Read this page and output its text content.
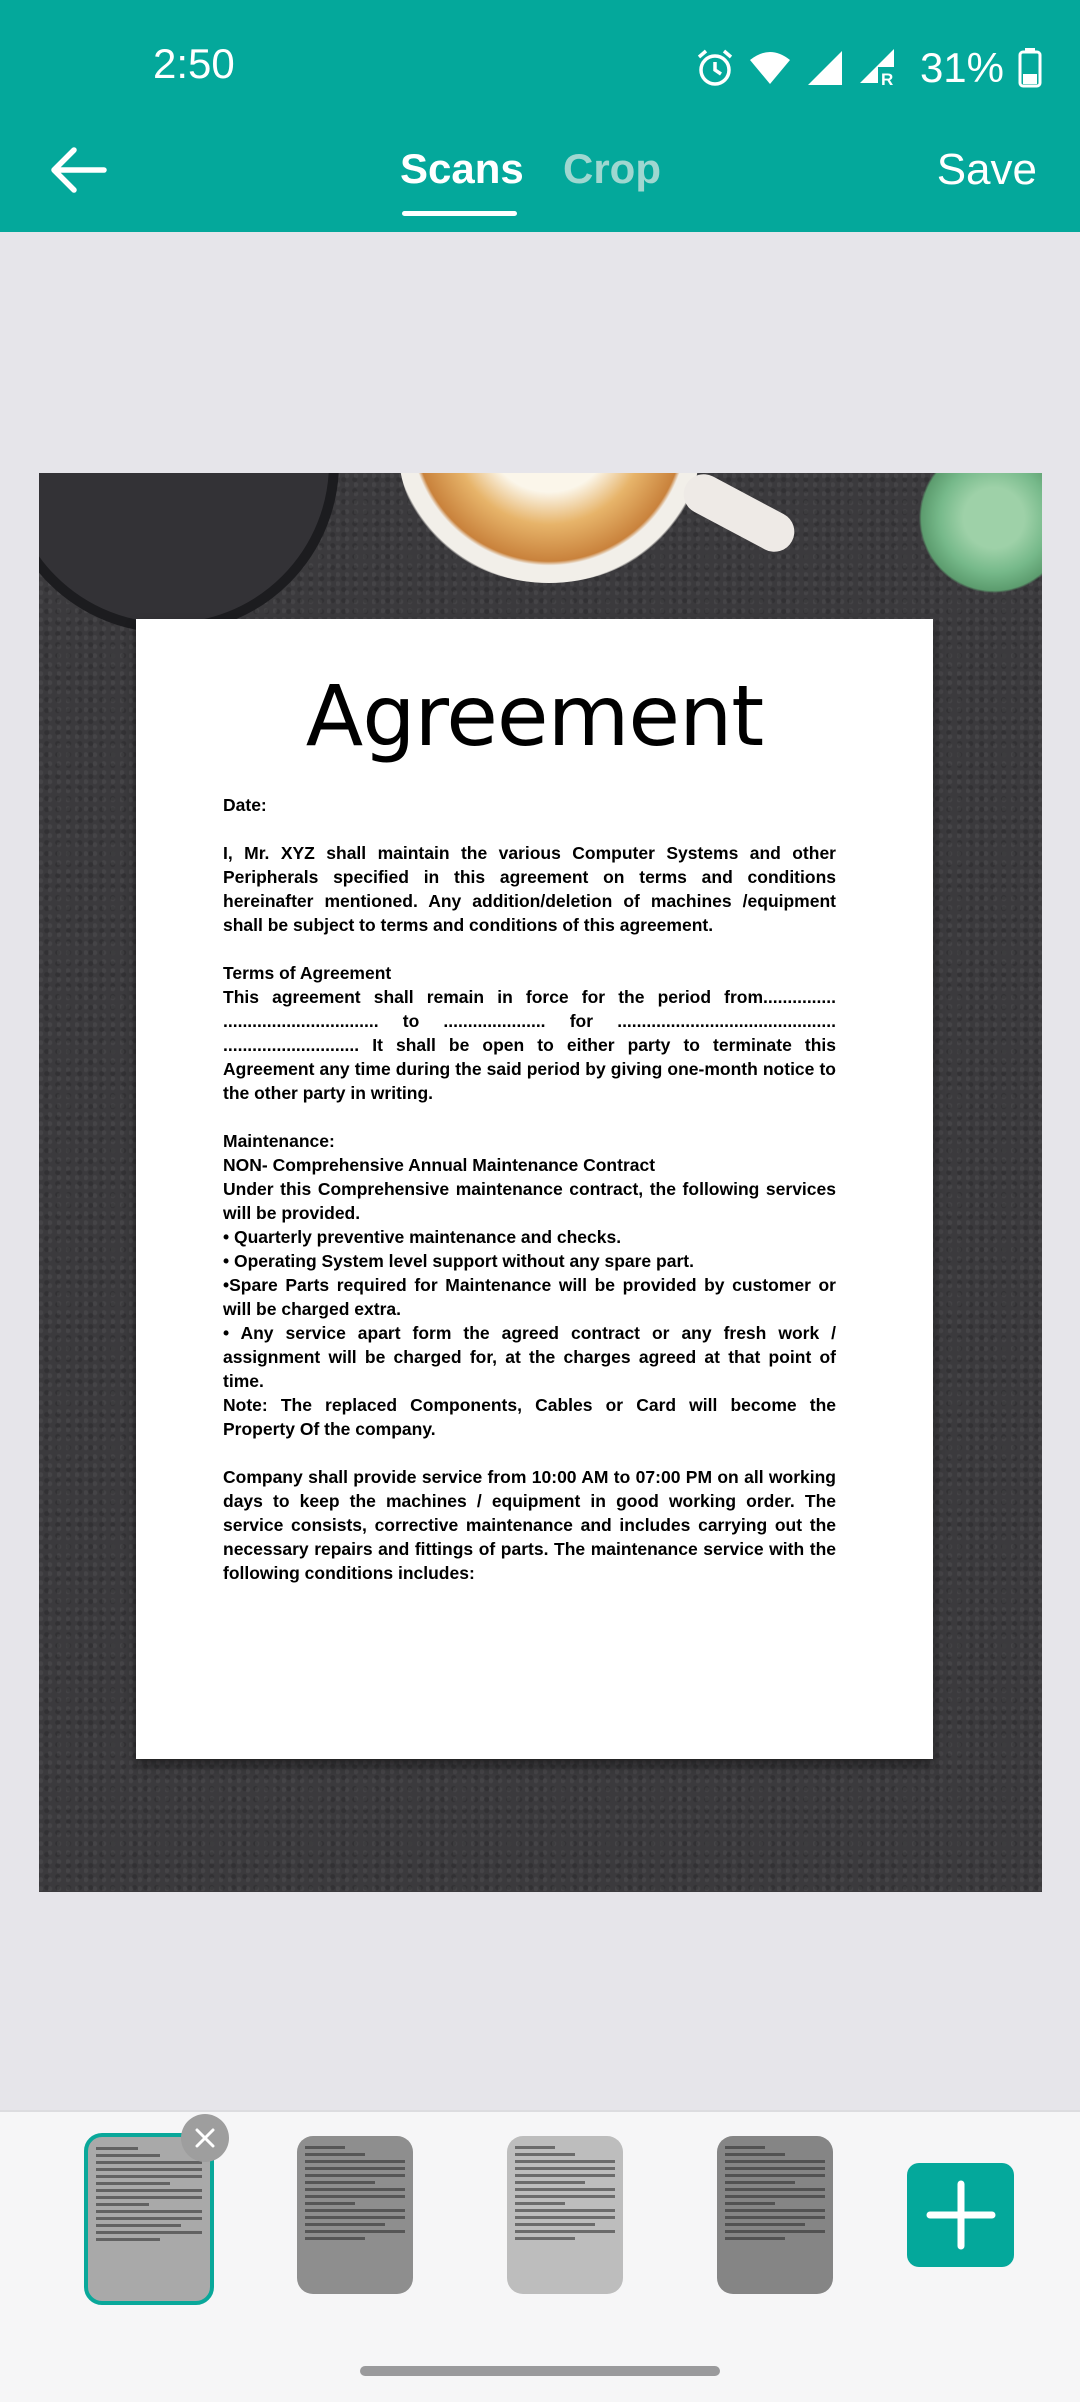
2:50	R 31%
Scans Crop	Save
Agreement

Date:

I, Mr. XYZ shall maintain the various Computer Systems and other Peripherals specified in this agreement on terms and conditions hereinafter mentioned. Any addition/deletion of machines /equipment shall be subject to terms and conditions of this agreement.

Terms of Agreement

This agreement shall remain in force for the period from............... ................................ to ..................... for ............................................. ............................ It shall be open to either party to terminate this Agreement any time during the said period by giving one-month notice to the other party in writing.

Maintenance:

NON- Comprehensive Annual Maintenance Contract

Under this Comprehensive maintenance contract, the following services will be provided.

• Quarterly preventive maintenance and checks.

• Operating System level support without any spare part.

•Spare Parts required for Maintenance will be provided by customer or will be charged extra.

• Any service apart form the agreed contract or any fresh work / assignment will be charged for, at the charges agreed at that point of time.

Note: The replaced Components, Cables or Card will become the Property Of the company.

Company shall provide service from 10:00 AM to 07:00 PM on all working days to keep the machines / equipment in good working order. The service consists, corrective maintenance and includes carrying out the necessary repairs and fittings of parts. The maintenance service with the following conditions includes:
